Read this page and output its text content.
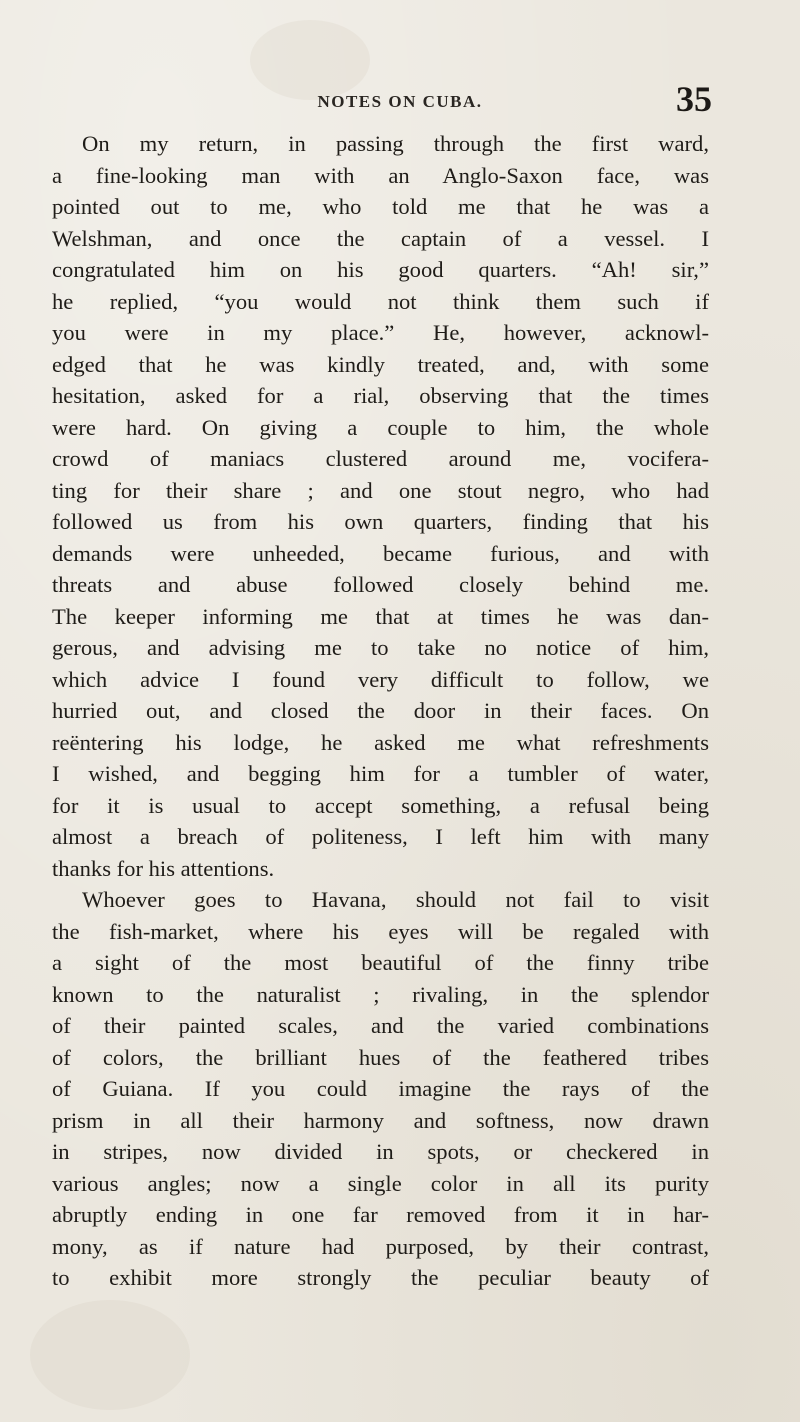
NOTES ON CUBA.	35
On my return, in passing through the first ward,
a fine-looking man with an Anglo-Saxon face, was
pointed out to me, who told me that he was a
Welshman, and once the captain of a vessel. I
congratulated him on his good quarters. “Ah! sir,”
he replied, “you would not think them such if
you were in my place.” He, however, acknowl-
edged that he was kindly treated, and, with some
hesitation, asked for a rial, observing that the times
were hard. On giving a couple to him, the whole
crowd of maniacs clustered around me, vocifera-
ting for their share ; and one stout negro, who had
followed us from his own quarters, finding that his
demands were unheeded, became furious, and with
threats and abuse followed closely behind me.
The keeper informing me that at times he was dan-
gerous, and advising me to take no notice of him,
which advice I found very difficult to follow, we
hurried out, and closed the door in their faces. On
reëntering his lodge, he asked me what refreshments
I wished, and begging him for a tumbler of water,
for it is usual to accept something, a refusal being
almost a breach of politeness, I left him with many
thanks for his attentions.
Whoever goes to Havana, should not fail to visit
the fish-market, where his eyes will be regaled with
a sight of the most beautiful of the finny tribe
known to the naturalist ; rivaling, in the splendor
of their painted scales, and the varied combinations
of colors, the brilliant hues of the feathered tribes
of Guiana. If you could imagine the rays of the
prism in all their harmony and softness, now drawn
in stripes, now divided in spots, or checkered in
various angles; now a single color in all its purity
abruptly ending in one far removed from it in har-
mony, as if nature had purposed, by their contrast,
to exhibit more strongly the peculiar beauty of
